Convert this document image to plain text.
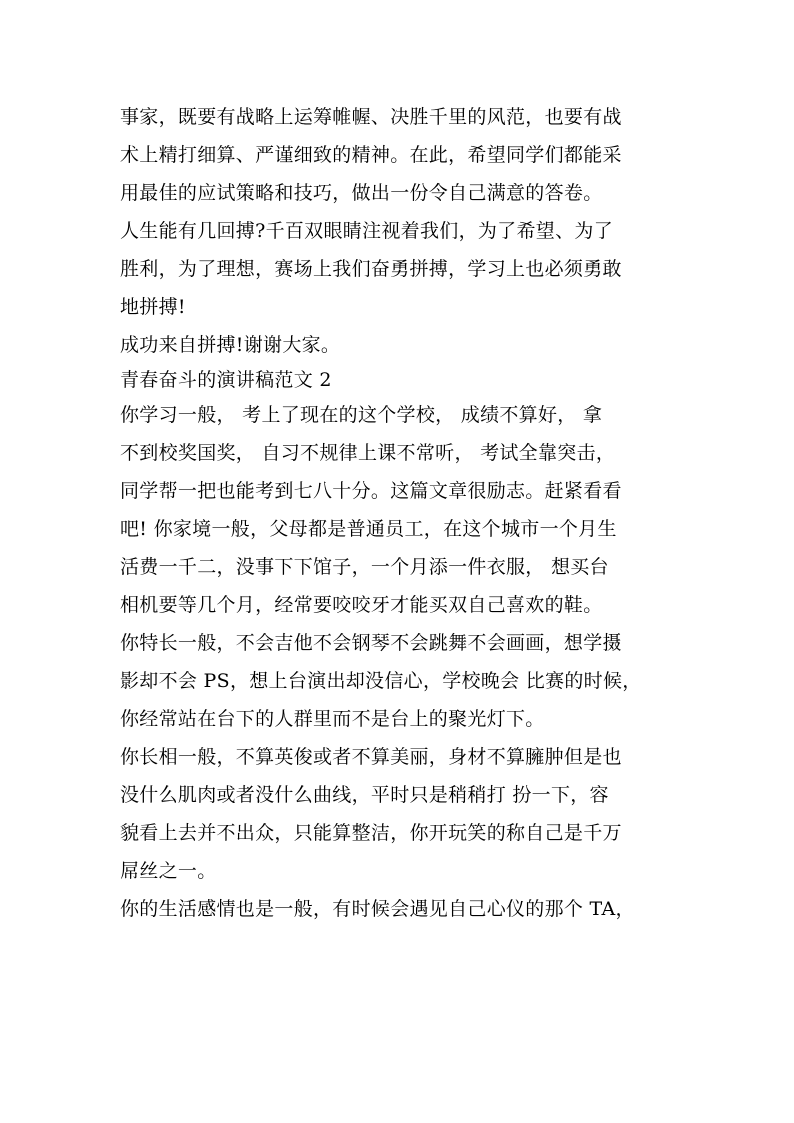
事家，既要有战略上运筹帷幄、决胜千里的风范，也要有战
术上精打细算、严谨细致的精神。在此，希望同学们都能采
用最佳的应试策略和技巧，做出一份令自己满意的答卷。
人生能有几回搏?千百双眼睛注视着我们，为了希望、为了
胜利，为了理想，赛场上我们奋勇拼搏，学习上也必须勇敢
地拼搏!
成功来自拼搏!谢谢大家。
青春奋斗的演讲稿范文 2
你学习一般， 考上了现在的这个学校， 成绩不算好， 拿
不到校奖国奖， 自习不规律上课不常听， 考试全靠突击，
同学帮一把也能考到七八十分。这篇文章很励志。赶紧看看
吧! 你家境一般，父母都是普通员工，在这个城市一个月生
活费一千二，没事下下馆子，一个月添一件衣服， 想买台
相机要等几个月，经常要咬咬牙才能买双自己喜欢的鞋。
你特长一般，不会吉他不会钢琴不会跳舞不会画画，想学摄
影却不会 PS，想上台演出却没信心，学校晚会 比赛的时候，
你经常站在台下的人群里而不是台上的聚光灯下。
你长相一般，不算英俊或者不算美丽，身材不算臃肿但是也
没什么肌肉或者没什么曲线，平时只是稍稍打 扮一下，容
貌看上去并不出众，只能算整洁，你开玩笑的称自己是千万
屌丝之一。
你的生活感情也是一般，有时候会遇见自己心仪的那个 TA，
